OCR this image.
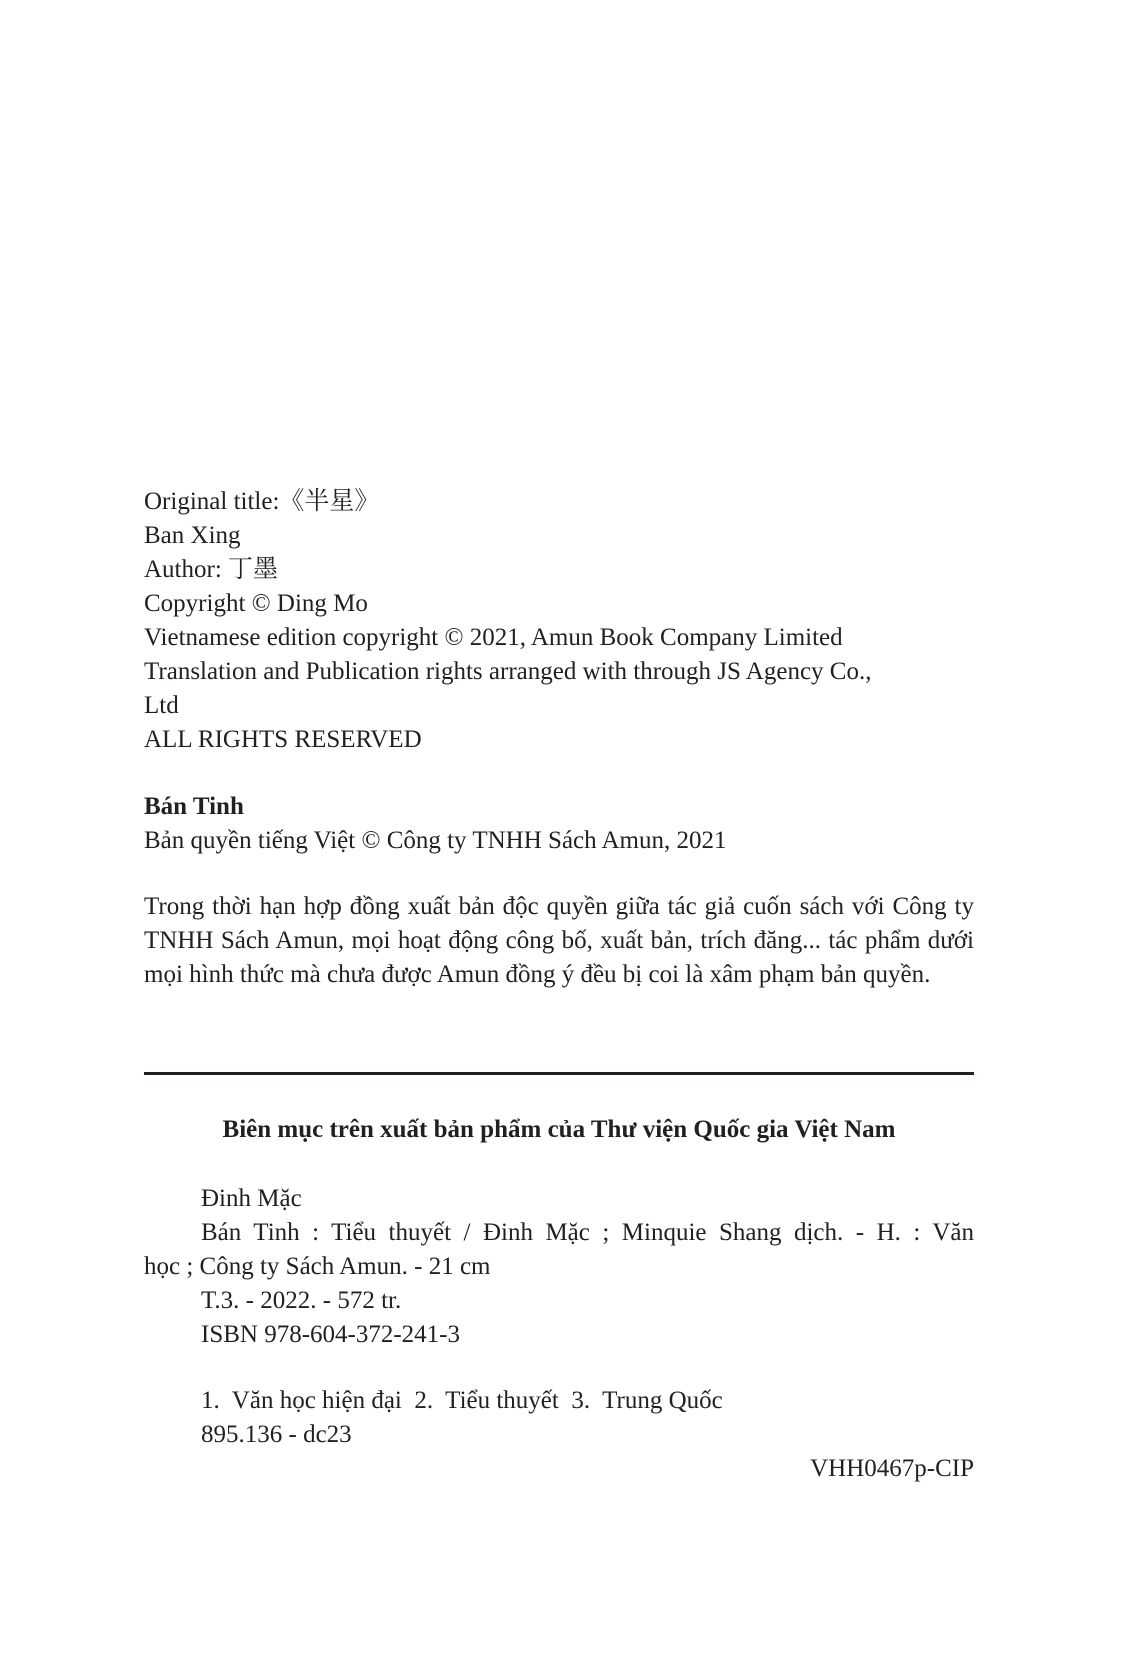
Original title:《半星》
Ban Xing
Author: 丁墨
Copyright © Ding Mo
Vietnamese edition copyright © 2021, Amun Book Company Limited
Translation and Publication rights arranged with through JS Agency Co.,
Ltd
ALL RIGHTS RESERVED
Bán Tinh
Bản quyền tiếng Việt © Công ty TNHH Sách Amun, 2021
Trong thời hạn hợp đồng xuất bản độc quyền giữa tác giả cuốn sách với Công ty TNHH Sách Amun, mọi hoạt động công bố, xuất bản, trích đăng... tác phẩm dưới mọi hình thức mà chưa được Amun đồng ý đều bị coi là xâm phạm bản quyền.
Biên mục trên xuất bản phẩm của Thư viện Quốc gia Việt Nam
Đinh Mặc
Bán Tinh : Tiểu thuyết / Đinh Mặc ; Minquie Shang dịch. - H. : Văn
học ; Công ty Sách Amun. - 21 cm
T.3. - 2022. - 572 tr.
ISBN 978-604-372-241-3
1.  Văn học hiện đại  2.  Tiểu thuyết  3.  Trung Quốc
895.136 - dc23
VHH0467p-CIP
